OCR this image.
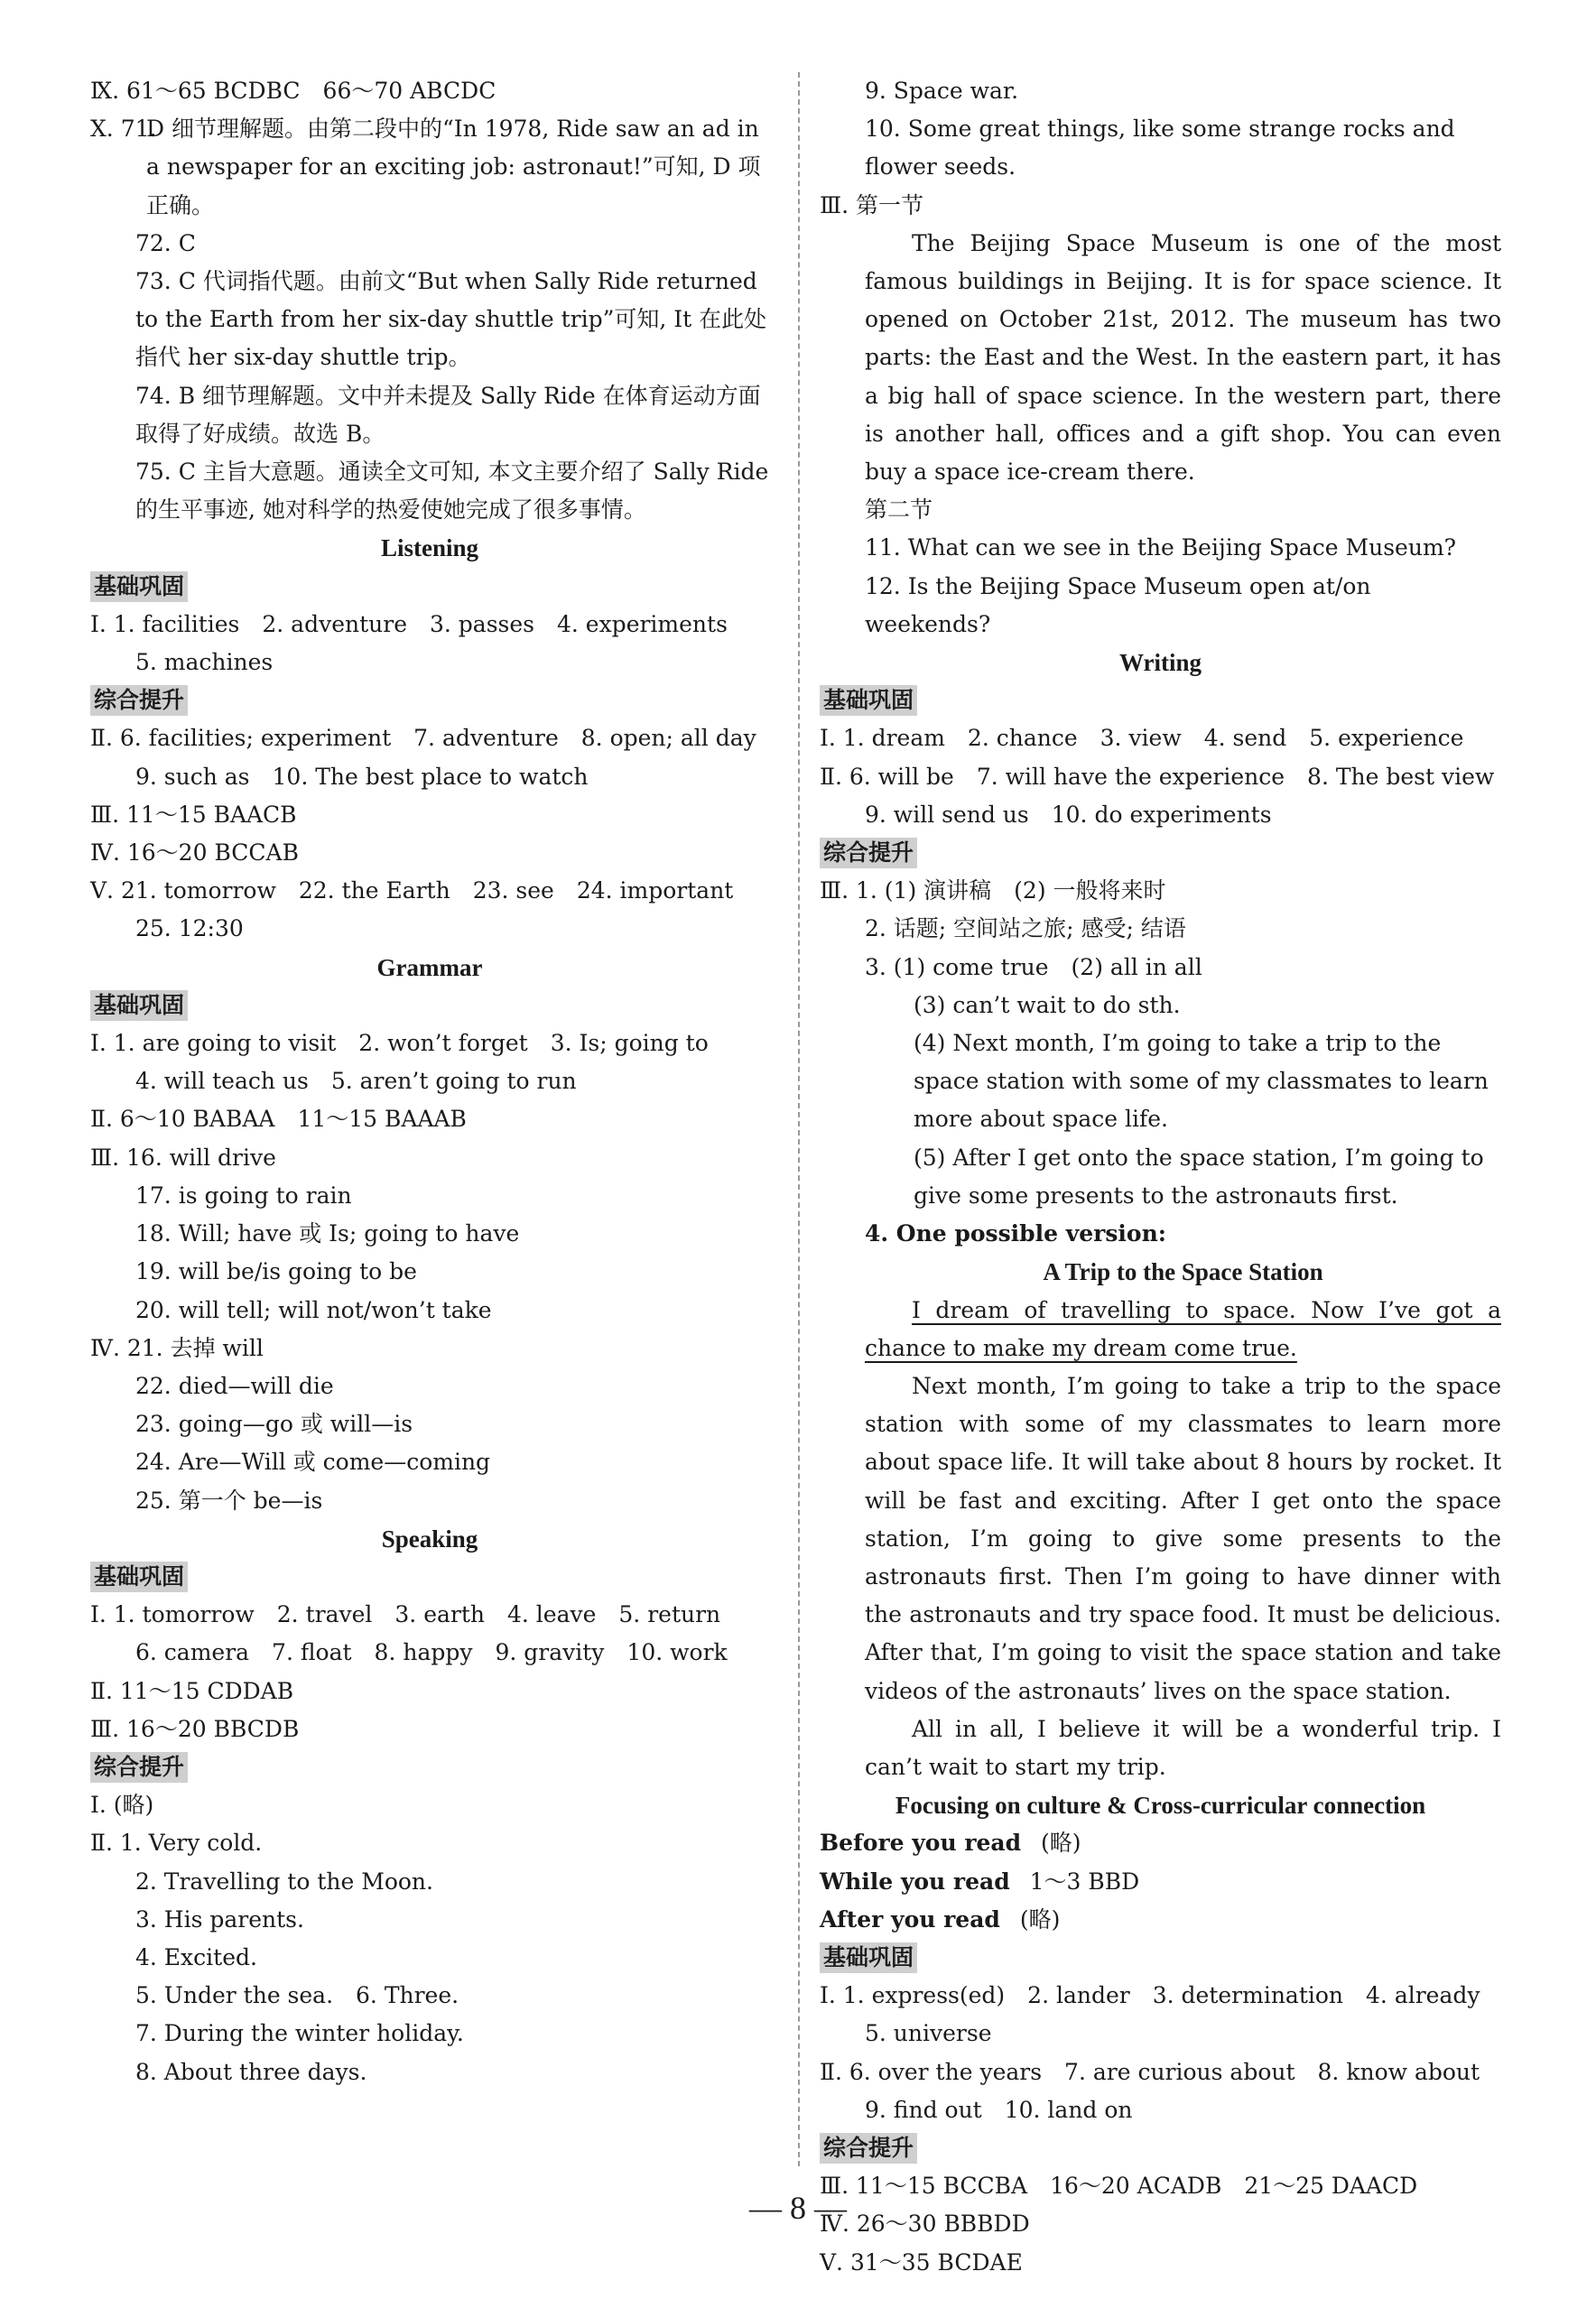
Ⅸ. 61～65 BCDBC　66～70 ABCDC
Ⅹ. 71.
D 细节理解题。由第二段中的“In 1978, Ride saw an ad in a newspaper for an exciting job: astronaut!”可知, D 项正确。
72. C
73. C 代词指代题。由前文“But when Sally Ride returned to the Earth from her six-day shuttle trip”可知, It 在此处指代 her six-day shuttle trip。
74. B 细节理解题。文中并未提及 Sally Ride 在体育运动方面取得了好成绩。故选 B。
75. C 主旨大意题。通读全文可知, 本文主要介绍了 Sally Ride 的生平事迹, 她对科学的热爱使她完成了很多事情。
Listening
基础巩固
Ⅰ. 1. facilities　2. adventure　3. passes　4. experiments
5. machines
综合提升
Ⅱ. 6. facilities; experiment　7. adventure　8. open; all day
9. such as　10. The best place to watch
Ⅲ. 11～15 BAACB
Ⅳ. 16～20 BCCAB
Ⅴ. 21. tomorrow　22. the Earth　23. see　24. important
25. 12:30
Grammar
基础巩固
Ⅰ. 1. are going to visit　2. won’t forget　3. Is; going to
4. will teach us　5. aren’t going to run
Ⅱ. 6～10 BABAA　11～15 BAAAB
Ⅲ. 16. will drive
17. is going to rain
18. Will; have 或 Is; going to have
19. will be/is going to be
20. will tell; will not/won’t take
Ⅳ. 21. 去掉 will
22. died—will die
23. going—go 或 will—is
24. Are—Will 或 come—coming
25. 第一个 be—is
Speaking
基础巩固
Ⅰ. 1. tomorrow　2. travel　3. earth　4. leave　5. return
6. camera　7. float　8. happy　9. gravity　10. work
Ⅱ. 11～15 CDDAB
Ⅲ. 16～20 BBCDB
综合提升
Ⅰ. (略)
Ⅱ. 1. Very cold.
2. Travelling to the Moon.
3. His parents.
4. Excited.
5. Under the sea.　6. Three.
7. During the winter holiday.
8. About three days.
9. Space war.
10. Some great things, like some strange rocks and flower seeds.
Ⅲ. 第一节
The Beijing Space Museum is one of the most famous buildings in Beijing. It is for space science. It opened on October 21st, 2012. The museum has two parts: the East and the West. In the eastern part, it has a big hall of space science. In the western part, there is another hall, offices and a gift shop. You can even buy a space ice-cream there.
第二节
11. What can we see in the Beijing Space Museum?
12. Is the Beijing Space Museum open at/on weekends?
Writing
基础巩固
Ⅰ. 1. dream　2. chance　3. view　4. send　5. experience
Ⅱ. 6. will be　7. will have the experience　8. The best view
9. will send us　10. do experiments
综合提升
Ⅲ. 1. (1) 演讲稿　(2) 一般将来时
2. 话题; 空间站之旅; 感受; 结语
3. (1) come true　(2) all in all
(3) can’t wait to do sth.
(4) Next month, I’m going to take a trip to the space station with some of my classmates to learn more about space life.
(5) After I get onto the space station, I’m going to give some presents to the astronauts first.
4. One possible version:
A Trip to the Space Station
I dream of travelling to space. Now I’ve got a chance to make my dream come true.
Next month, I’m going to take a trip to the space station with some of my classmates to learn more about space life. It will take about 8 hours by rocket. It will be fast and exciting. After I get onto the space station, I’m going to give some presents to the astronauts first. Then I’m going to have dinner with the astronauts and try space food. It must be delicious. After that, I’m going to visit the space station and take videos of the astronauts’ lives on the space station.
All in all, I believe it will be a wonderful trip. I can’t wait to start my trip.
Focusing on culture & Cross-curricular connection
Before you read (略)
While you read 1～3 BBD
After you read (略)
基础巩固
Ⅰ. 1. express(ed)　2. lander　3. determination　4. already
5. universe
Ⅱ. 6. over the years　7. are curious about　8. know about
9. find out　10. land on
综合提升
Ⅲ. 11～15 BCCBA　16～20 ACADB　21～25 DAACD
Ⅳ. 26～30 BBBDD
Ⅴ. 31～35 BCDAE
— 8 —
